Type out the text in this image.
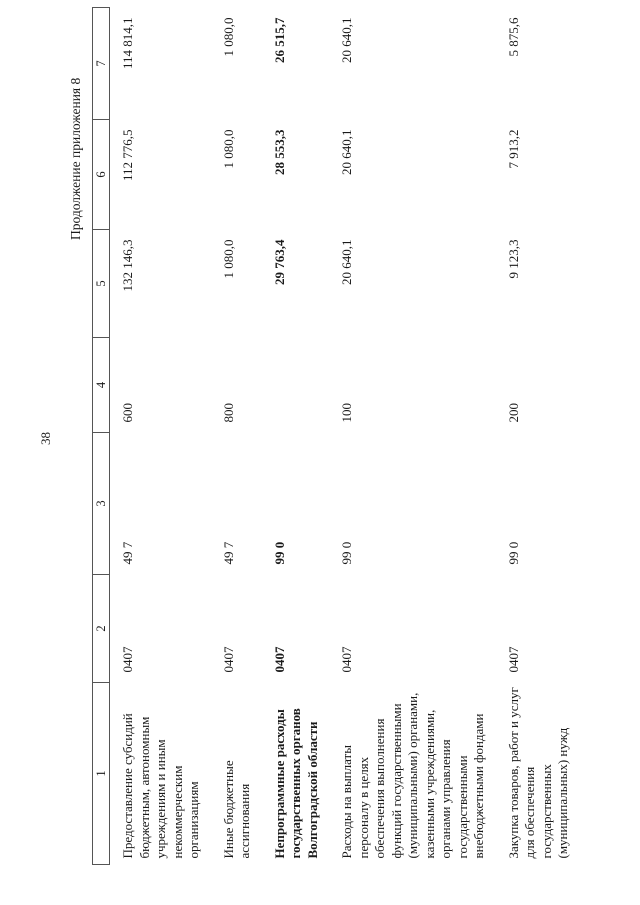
38
Продолжение приложения 8
1	2	3	4	5	6	7
Предоставление субсидий бюджетным, автономным учреждениям и иным некоммерческим организациям	0407	49 7	600	132 146,3	112 776,5	114 814,1
Иные бюджетные ассигнования	0407	49 7	800	1 080,0	1 080,0	1 080,0
Непрограммные расходы государственных органов Волгоградской области	0407	99 0		29 763,4	28 553,3	26 515,7
Расходы на выплаты персоналу в целях обеспечения выполнения функций государственными (муниципальными) органами, казенными учреждениями, органами управления государственными внебюджетными фондами	0407	99 0	100	20 640,1	20 640,1	20 640,1
Закупка товаров, работ и услуг для обеспечения государственных (муниципальных) нужд	0407	99 0	200	9 123,3	7 913,2	5 875,6
